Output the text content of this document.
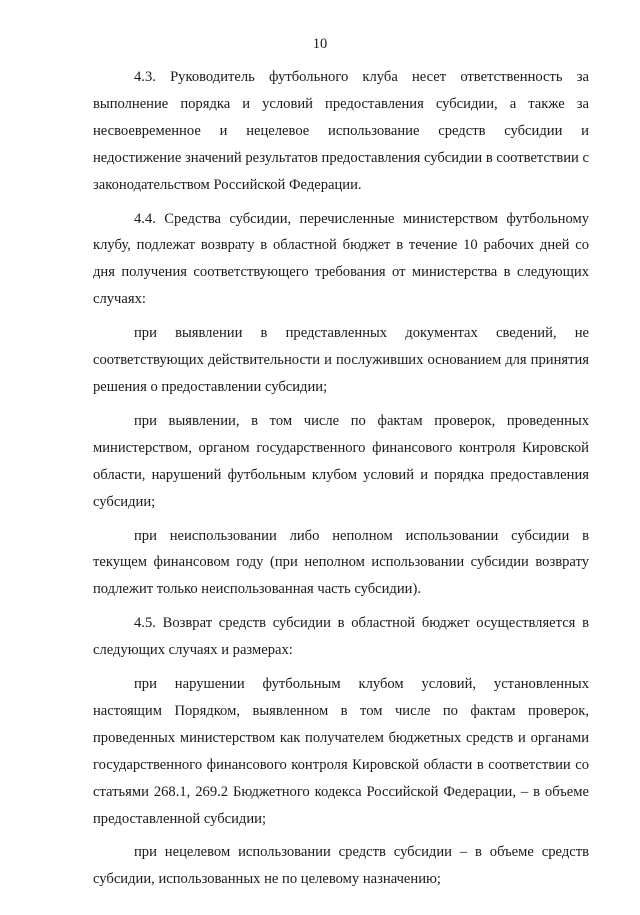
10

4.3. Руководитель футбольного клуба несет ответственность за выполнение порядка и условий предоставления субсидии, а также за несвоевременное и нецелевое использование средств субсидии и недостижение значений результатов предоставления субсидии в соответствии с законодательством Российской Федерации.

4.4. Средства субсидии, перечисленные министерством футбольному клубу, подлежат возврату в областной бюджет в течение 10 рабочих дней со дня получения соответствующего требования от министерства в следующих случаях:

при выявлении в представленных документах сведений, не соответствующих действительности и послуживших основанием для принятия решения о предоставлении субсидии;

при выявлении, в том числе по фактам проверок, проведенных министерством, органом государственного финансового контроля Кировской области, нарушений футбольным клубом условий и порядка предоставления субсидии;

при неиспользовании либо неполном использовании субсидии в текущем финансовом году (при неполном использовании субсидии возврату подлежит только неиспользованная часть субсидии).

4.5. Возврат средств субсидии в областной бюджет осуществляется в следующих случаях и размерах:

при нарушении футбольным клубом условий, установленных настоящим Порядком, выявленном в том числе по фактам проверок, проведенных министерством как получателем бюджетных средств и органами государственного финансового контроля Кировской области в соответствии со статьями 268.1, 269.2 Бюджетного кодекса Российской Федерации, – в объеме предоставленной субсидии;

при нецелевом использовании средств субсидии – в объеме средств субсидии, использованных не по целевому назначению;
